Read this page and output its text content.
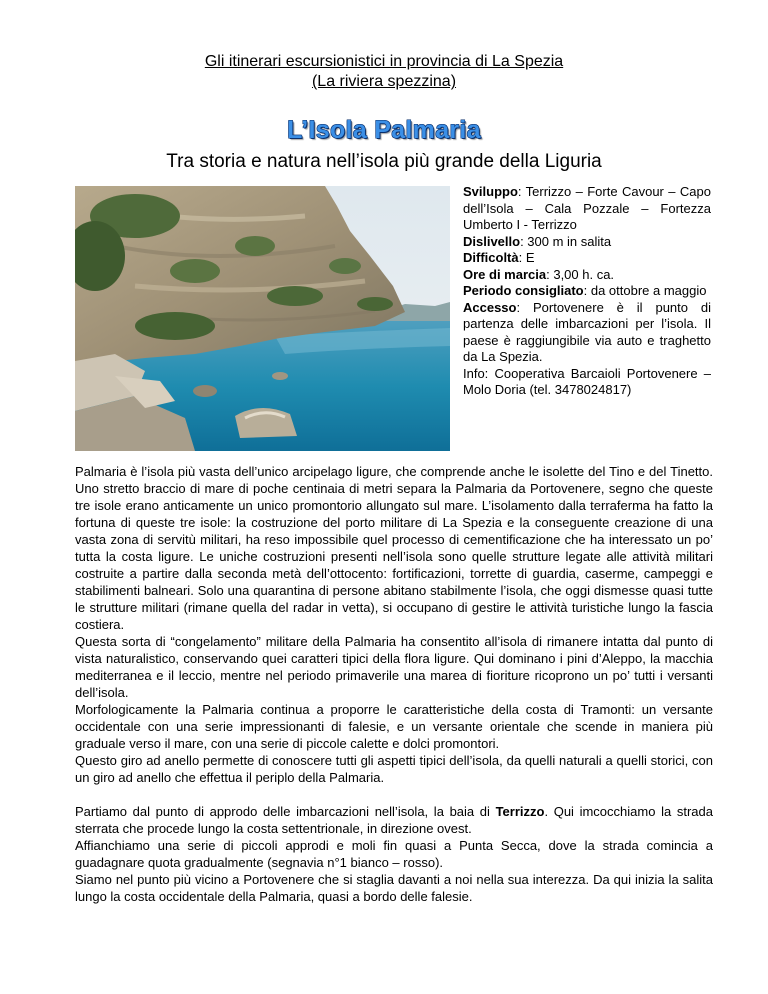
Gli itinerari escursionistici in provincia di La Spezia
(La riviera spezzina)
L’Isola Palmaria
Tra storia e natura nell’isola più grande della Liguria

Sviluppo: Terrizzo – Forte Cavour – Capo dell’Isola – Cala Pozzale – Fortezza Umberto I - Terrizzo

Dislivello: 300 m in salita

Difficoltà: E

Ore di marcia: 3,00 h. ca.

Periodo consigliato: da ottobre a maggio

Accesso: Portovenere è il punto di partenza delle imbarcazioni per l’isola. Il paese è raggiungibile via auto e traghetto da La Spezia.

Info: Cooperativa Barcaioli Portovenere – Molo Doria (tel. 3478024817)

Palmaria è l’isola più vasta dell’unico arcipelago ligure, che comprende anche le isolette del Tino e del Tinetto. Uno stretto braccio di mare di poche centinaia di metri separa la Palmaria da Portovenere, segno che queste tre isole erano anticamente un unico promontorio allungato sul mare. L’isolamento dalla terraferma ha fatto la fortuna di queste tre isole: la costruzione del porto militare di La Spezia e la conseguente creazione di una vasta zona di servitù militari, ha reso impossibile quel processo di cementificazione che ha interessato un po’ tutta la costa ligure. Le uniche costruzioni presenti nell’isola sono quelle strutture legate alle attività militari costruite a partire dalla seconda metà dell’ottocento: fortificazioni, torrette di guardia, caserme, campeggi e stabilimenti balneari. Solo una quarantina di persone abitano stabilmente l’isola, che oggi dismesse quasi tutte le strutture militari (rimane quella del radar in vetta), si occupano di gestire le attività turistiche lungo la fascia costiera.

Questa sorta di “congelamento” militare della Palmaria ha consentito all’isola di rimanere intatta dal punto di vista naturalistico, conservando quei caratteri tipici della flora ligure. Qui dominano i pini d’Aleppo, la macchia mediterranea e il leccio, mentre nel periodo primaverile una marea di fioriture ricoprono un po’ tutti i versanti dell’isola.

Morfologicamente la Palmaria continua a proporre le caratteristiche della costa di Tramonti: un versante occidentale con una serie impressionanti di falesie, e un versante orientale che scende in maniera più graduale verso il mare, con una serie di piccole calette e dolci promontori.

Questo giro ad anello permette di conoscere tutti gli aspetti tipici dell’isola, da quelli naturali a quelli storici, con un giro ad anello che effettua il periplo della Palmaria.

Partiamo dal punto di approdo delle imbarcazioni nell’isola, la baia di Terrizzo. Qui imcocchiamo la strada sterrata che procede lungo la costa settentrionale, in direzione ovest.

Affianchiamo una serie di piccoli approdi e moli fin quasi a Punta Secca, dove la strada comincia a guadagnare quota gradualmente (segnavia n°1 bianco – rosso).

Siamo nel punto più vicino a Portovenere che si staglia davanti a noi nella sua interezza. Da qui inizia la salita lungo la costa occidentale della Palmaria, quasi a bordo delle falesie.
